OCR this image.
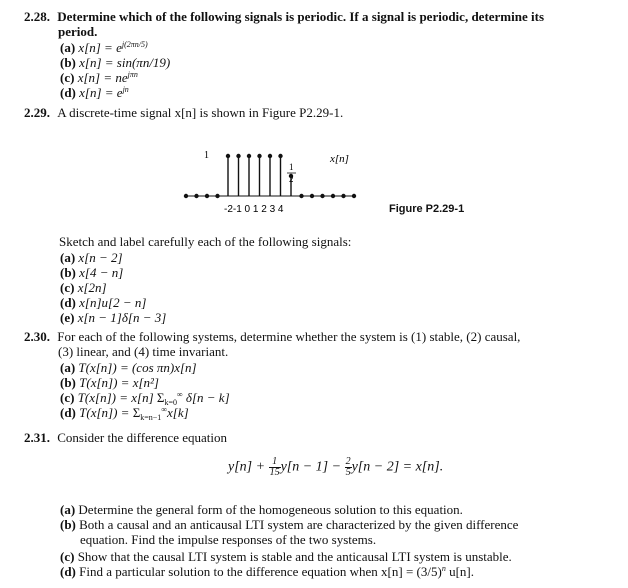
2.28. Determine which of the following signals is periodic. If a signal is periodic, determine its
period.
(a) $x[n] = e^{j(2\pi n/5)}$
(b) x[n] = sin(πn/19)
(c) $x[n] = ne^{j\pi n}$
(d) $x[n] = e^{jn}$
2.29. A discrete-time signal x[n] is shown in Figure P2.29-1.
1	x[n]
1
2
-2-1 0 1 2 3 4	Figure P2.29-1
Sketch and label carefully each of the following signals:
(a) x[n − 2]
(b) x[4 − n]
(c) x[2n]
(d) x[n]u[2 − n]
(e) x[n − 1]δ[n − 3]
2.30. For each of the following systems, determine whether the system is (1) stable, (2) causal,
(3) linear, and (4) time invariant.
(a) T(x[n]) = (cos πn)x[n]
(b) T(x[n]) = x[n²]
(c) T(x[n]) = x[n] $\Sigma_{k=0}^\infty$ δ[n − k]
(d) $T(x[n]) = \Sigma_{k=n-1}^\infty x[k]$
2.31. Consider the difference equation
$y[n] + \frac{1}{15} y[n - 1] - \frac{2}{5} y[n - 2] = x[n]$.
(a) Determine the general form of the homogeneous solution to this equation.
(b) Both a causal and an anticausal LTI system are characterized by the given difference
equation. Find the impulse responses of the two systems.
(c) Show that the causal LTI system is stable and the anticausal LTI system is unstable.
(d) Find a particular solution to the difference equation when $x[n] = (3/5)^n$ u[n].
